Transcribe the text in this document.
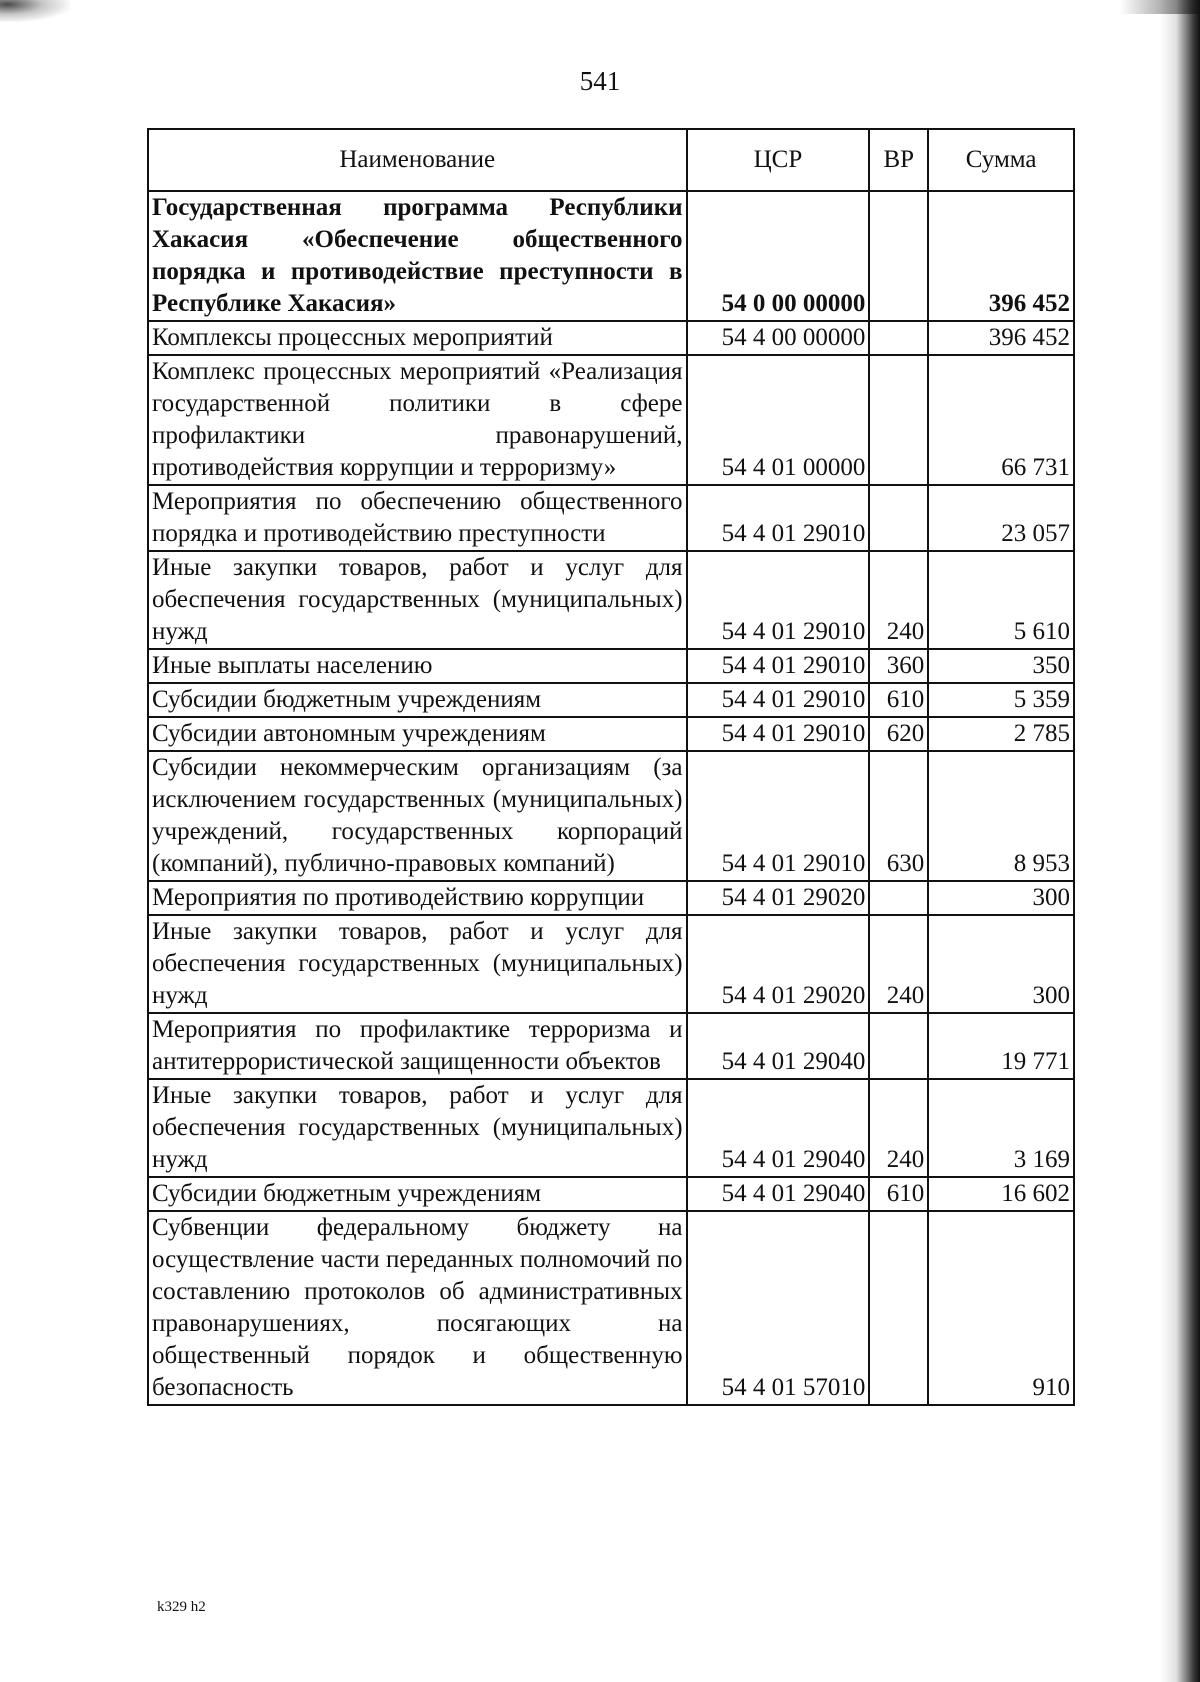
541
Наименование	ЦСР	ВР	Сумма
Государственная программа Республики Хакасия «Обеспечение общественного порядка и противодействие преступности в Республике Хакасия»	54 0 00 00000		396 452
Комплексы процессных мероприятий	54 4 00 00000		396 452
Комплекс процессных мероприятий «Реализация государственной политики в сфере профилактики правонарушений, противодействия коррупции и терроризму»	54 4 01 00000		66 731
Мероприятия по обеспечению общественного порядка и противодействию преступности	54 4 01 29010		23 057
Иные закупки товаров, работ и услуг для обеспечения государственных (муниципальных) нужд	54 4 01 29010	240	5 610
Иные выплаты населению	54 4 01 29010	360	350
Субсидии бюджетным учреждениям	54 4 01 29010	610	5 359
Субсидии автономным учреждениям	54 4 01 29010	620	2 785
Субсидии некоммерческим организациям (за исключением государственных (муниципальных) учреждений, государственных корпораций (компаний), публично-правовых компаний)	54 4 01 29010	630	8 953
Мероприятия по противодействию коррупции	54 4 01 29020		300
Иные закупки товаров, работ и услуг для обеспечения государственных (муниципальных) нужд	54 4 01 29020	240	300
Мероприятия по профилактике терроризма и антитеррористической защищенности объектов	54 4 01 29040		19 771
Иные закупки товаров, работ и услуг для обеспечения государственных (муниципальных) нужд	54 4 01 29040	240	3 169
Субсидии бюджетным учреждениям	54 4 01 29040	610	16 602
Субвенции федеральному бюджету на осуществление части переданных полномочий по составлению протоколов об административных правонарушениях, посягающих на общественный порядок и общественную безопасность	54 4 01 57010		910
k329 h2
